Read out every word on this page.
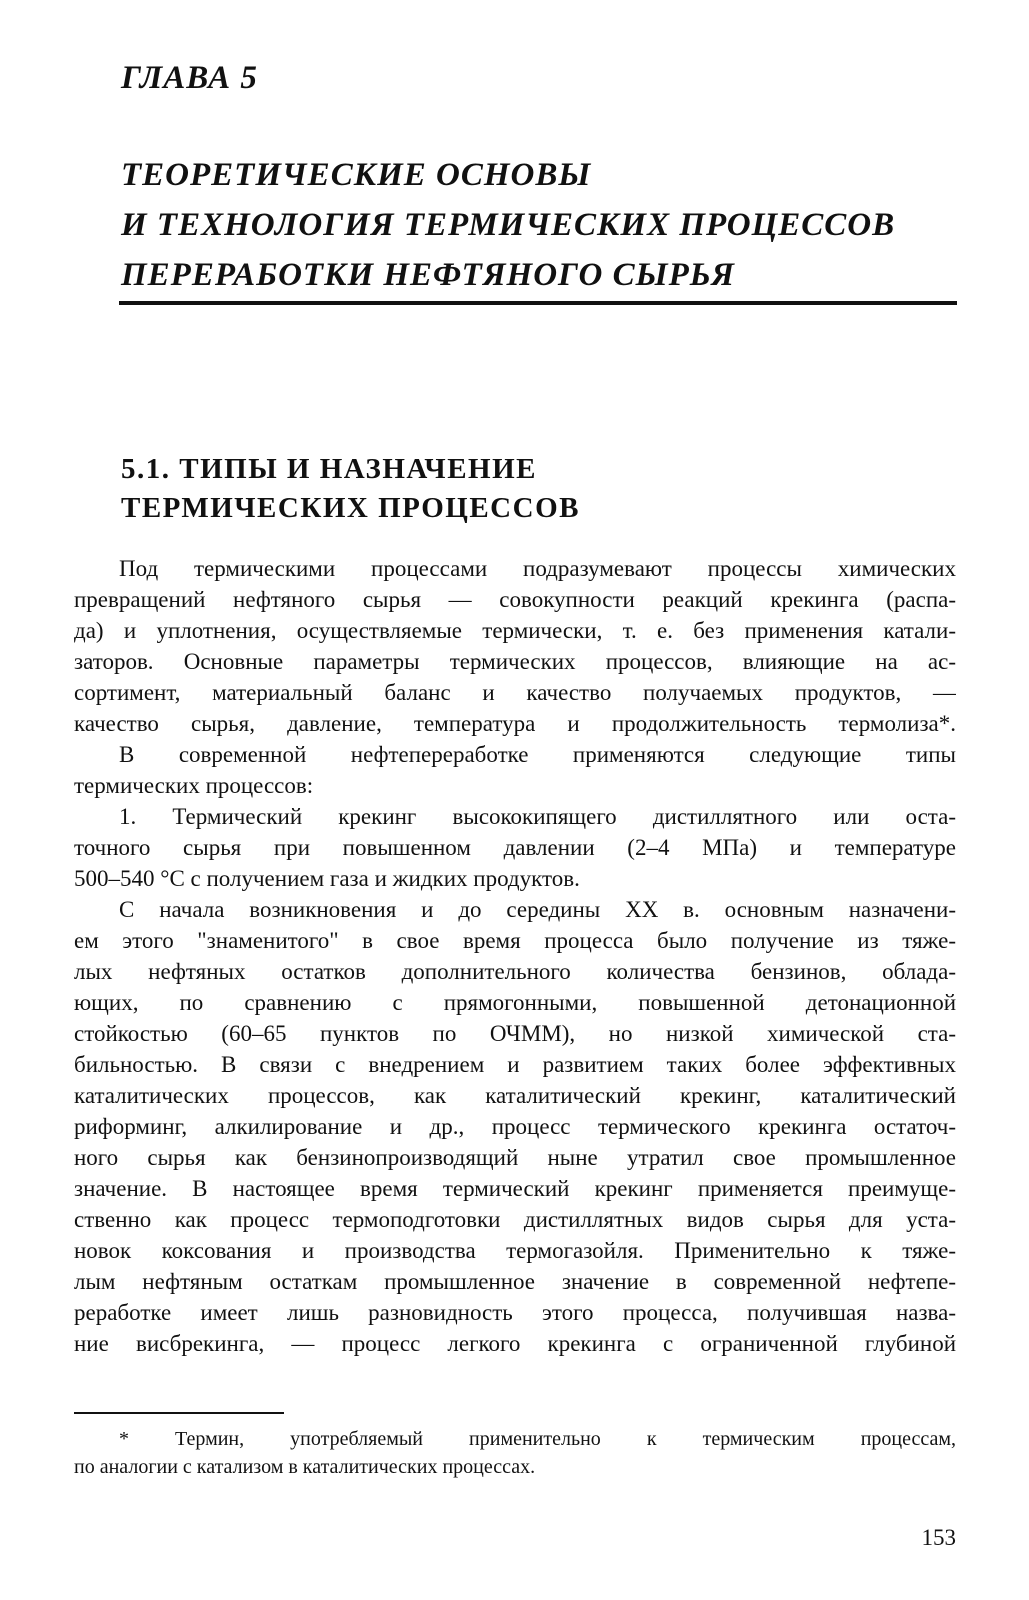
ГЛАВА 5

ТЕОРЕТИЧЕСКИЕ ОСНОВЫ
И ТЕХНОЛОГИЯ ТЕРМИЧЕСКИХ ПРОЦЕССОВ
ПЕРЕРАБОТКИ НЕФТЯНОГО СЫРЬЯ
5.1. ТИПЫ И НАЗНАЧЕНИЕ
ТЕРМИЧЕСКИХ ПРОЦЕССОВ

Под термическими процессами подразумевают процессы химических
превращений нефтяного сырья — совокупности реакций крекинга (распа-
да) и уплотнения, осуществляемые термически, т. е. без применения катали-
заторов. Основные параметры термических процессов, влияющие на ас-
сортимент, материальный баланс и качество получаемых продуктов, —
качество сырья, давление, температура и продолжительность термолиза*.

В современной нефтепереработке применяются следующие типы
термических процессов:

1. Термический крекинг высококипящего дистиллятного или оста-
точного сырья при повышенном давлении (2–4 МПа) и температуре
500–540 °С с получением газа и жидких продуктов.

С начала возникновения и до середины XX в. основным назначени-
ем этого "знаменитого" в свое время процесса было получение из тяже-
лых нефтяных остатков дополнительного количества бензинов, облада-
ющих, по сравнению с прямогонными, повышенной детонационной
стойкостью (60–65 пунктов по ОЧММ), но низкой химической ста-
бильностью. В связи с внедрением и развитием таких более эффективных
каталитических процессов, как каталитический крекинг, каталитический
риформинг, алкилирование и др., процесс термического крекинга остаточ-
ного сырья как бензинопроизводящий ныне утратил свое промышленное
значение. В настоящее время термический крекинг применяется преимуще-
ственно как процесс термоподготовки дистиллятных видов сырья для уста-
новок коксования и производства термогазойля. Применительно к тяже-
лым нефтяным остаткам промышленное значение в современной нефтепе-
реработке имеет лишь разновидность этого процесса, получившая назва-
ние висбрекинга, — процесс легкого крекинга с ограниченной глубиной

* Термин, употребляемый применительно к термическим процессам,
по аналогии с катализом в каталитических процессах.

153
